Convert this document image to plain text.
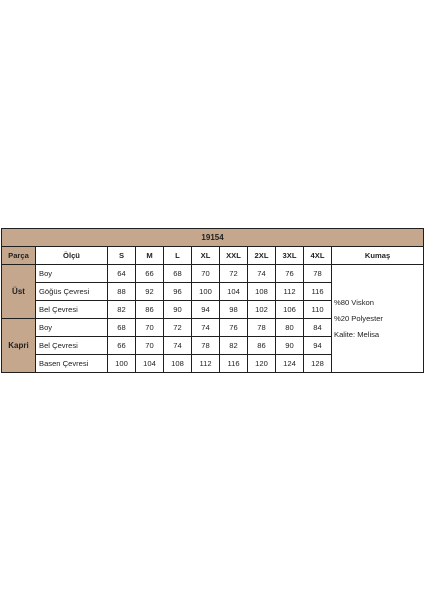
19154										
Parça	Ölçü	S	M	L	XL	XXL	2XL	3XL	4XL	Kumaş
Üst	Boy	64	66	68	70	72	74	76	78	%80 Viskon
%20 Polyester
Kalite: Melisa

	Göğüs Çevresi	88	92	96	100	104	108	112	116	
	Bel Çevresi	82	86	90	94	98	102	106	110	
Kapri	Boy	68	70	72	74	76	78	80	84	
	Bel Çevresi	66	70	74	78	82	86	90	94	
	Basen Çevresi	100	104	108	112	116	120	124	128	
